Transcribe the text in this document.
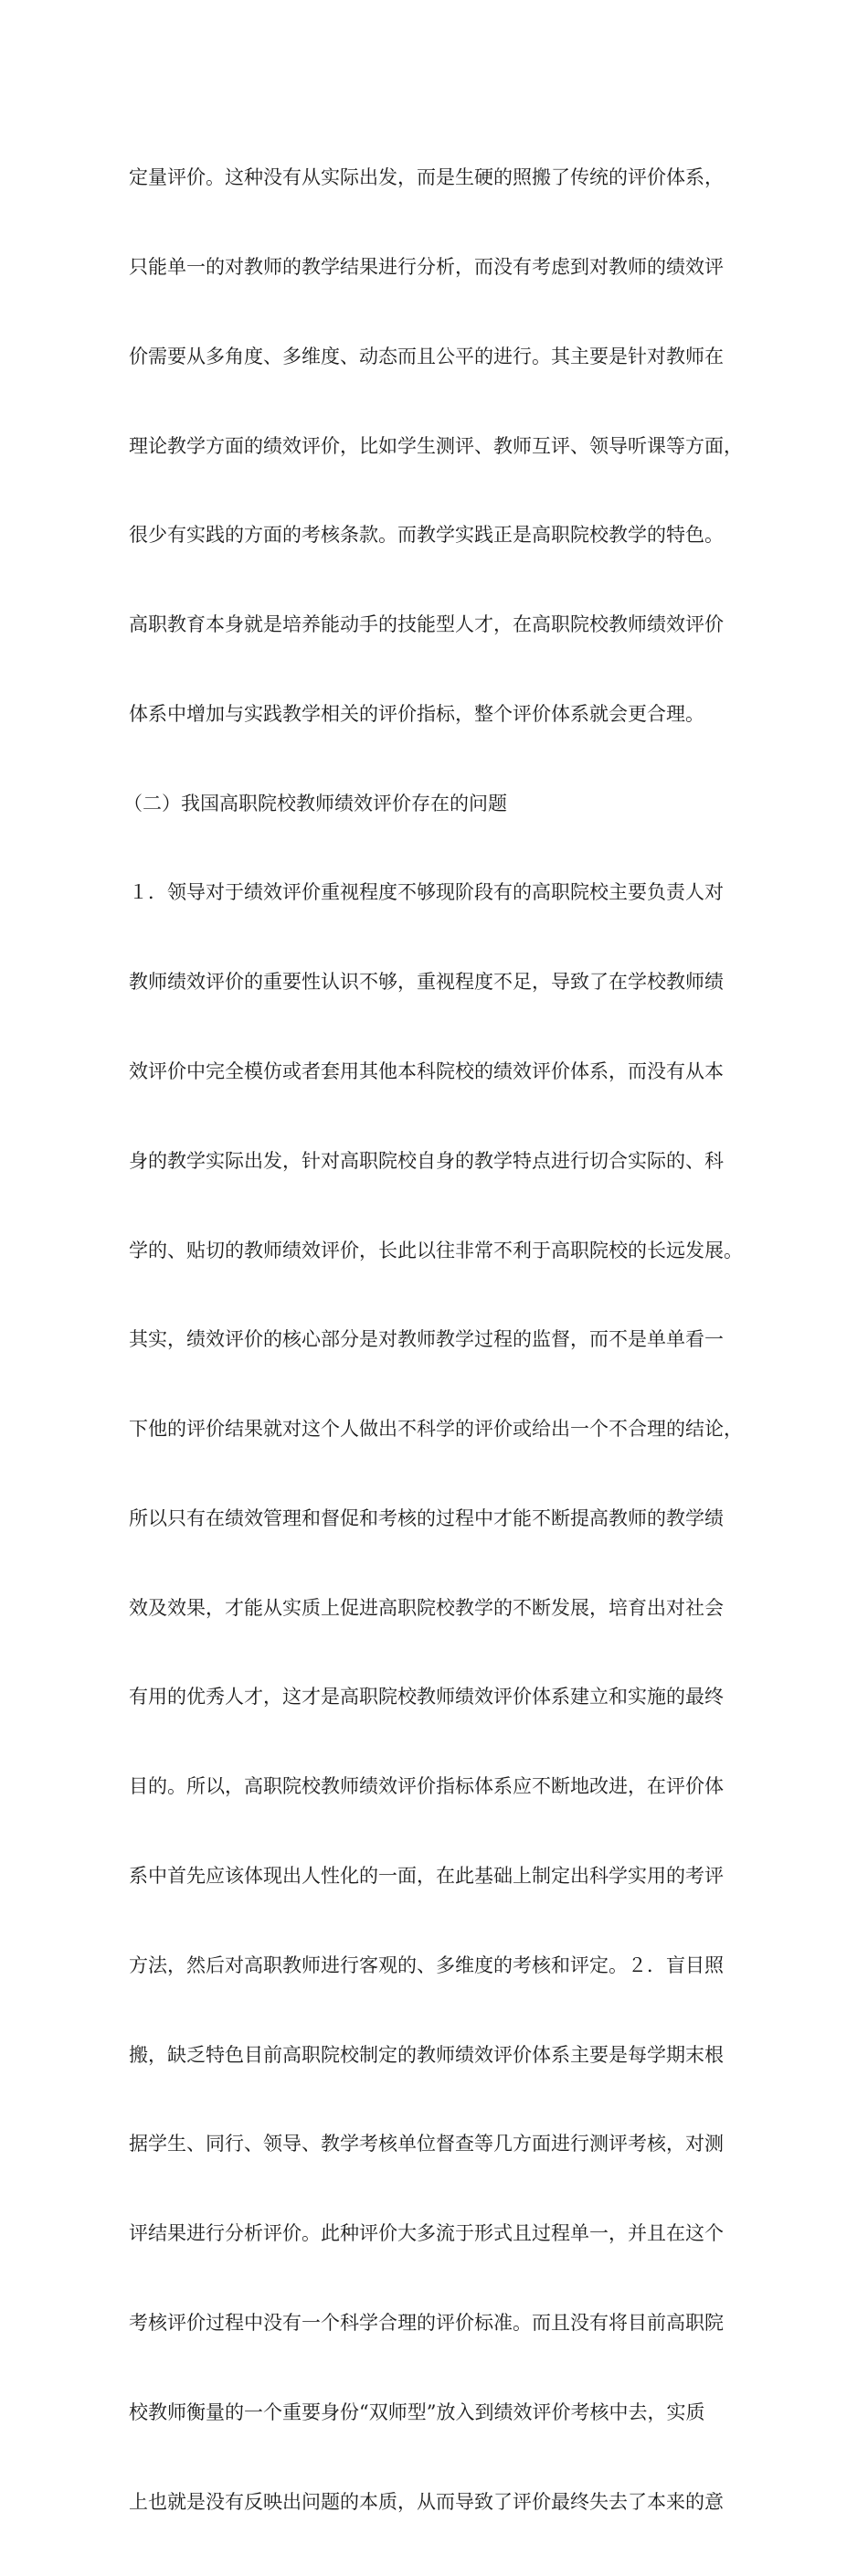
定量评价。这种没有从实际出发，而是生硬的照搬了传统的评价体系，

只能单一的对教师的教学结果进行分析，而没有考虑到对教师的绩效评

价需要从多角度、多维度、动态而且公平的进行。其主要是针对教师在

理论教学方面的绩效评价，比如学生测评、教师互评、领导听课等方面，

很少有实践的方面的考核条款。而教学实践正是高职院校教学的特色。

高职教育本身就是培养能动手的技能型人才，在高职院校教师绩效评价

体系中增加与实践教学相关的评价指标，整个评价体系就会更合理。

（二）我国高职院校教师绩效评价存在的问题

１．领导对于绩效评价重视程度不够现阶段有的高职院校主要负责人对

教师绩效评价的重要性认识不够，重视程度不足，导致了在学校教师绩

效评价中完全模仿或者套用其他本科院校的绩效评价体系，而没有从本

身的教学实际出发，针对高职院校自身的教学特点进行切合实际的、科

学的、贴切的教师绩效评价，长此以往非常不利于高职院校的长远发展。

其实，绩效评价的核心部分是对教师教学过程的监督，而不是单单看一

下他的评价结果就对这个人做出不科学的评价或给出一个不合理的结论，

所以只有在绩效管理和督促和考核的过程中才能不断提高教师的教学绩

效及效果，才能从实质上促进高职院校教学的不断发展，培育出对社会

有用的优秀人才，这才是高职院校教师绩效评价体系建立和实施的最终

目的。所以，高职院校教师绩效评价指标体系应不断地改进，在评价体

系中首先应该体现出人性化的一面，在此基础上制定出科学实用的考评

方法，然后对高职教师进行客观的、多维度的考核和评定。２．盲目照

搬，缺乏特色目前高职院校制定的教师绩效评价体系主要是每学期末根

据学生、同行、领导、教学考核单位督查等几方面进行测评考核，对测

评结果进行分析评价。此种评价大多流于形式且过程单一，并且在这个

考核评价过程中没有一个科学合理的评价标准。而且没有将目前高职院

校教师衡量的一个重要身份“双师型”放入到绩效评价考核中去，实质

上也就是没有反映出问题的本质，从而导致了评价最终失去了本来的意
